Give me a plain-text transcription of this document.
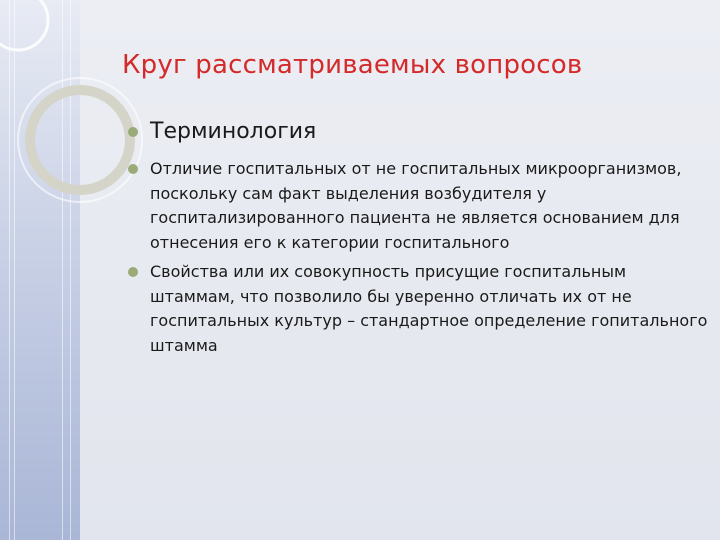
Круг рассматриваемых вопросов
Терминология
Отличие госпитальных от не госпитальных микроорганизмов, поскольку сам факт выделения возбудителя у госпитализированного пациента не является основанием для отнесения его к категории госпитального
Свойства или их совокупность присущие госпитальным штаммам, что позволило бы уверенно отличать их от не госпитальных культур – стандартное определение гопитального штамма
